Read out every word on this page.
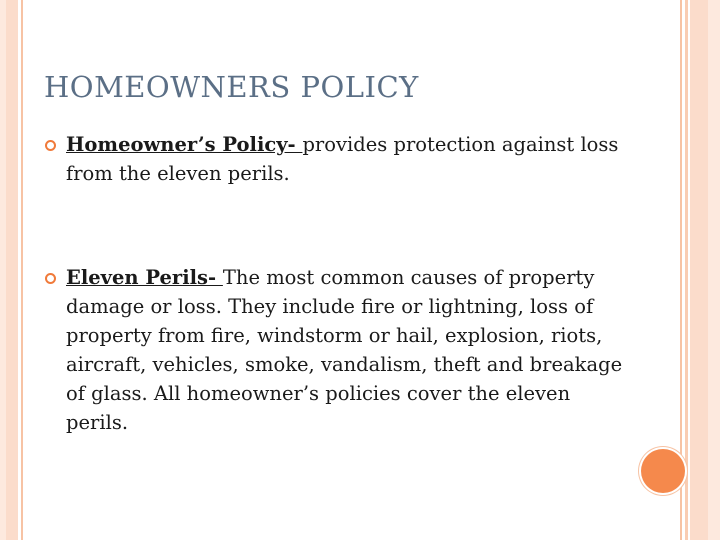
HOMEOWNERS POLICY
Homeowner’s Policy- provides protection against loss from the eleven perils.
Eleven Perils- The most common causes of property damage or loss. They include fire or lightning, loss of property from fire, windstorm or hail, explosion, riots, aircraft, vehicles, smoke, vandalism, theft and breakage of glass. All homeowner’s policies cover the eleven perils.
